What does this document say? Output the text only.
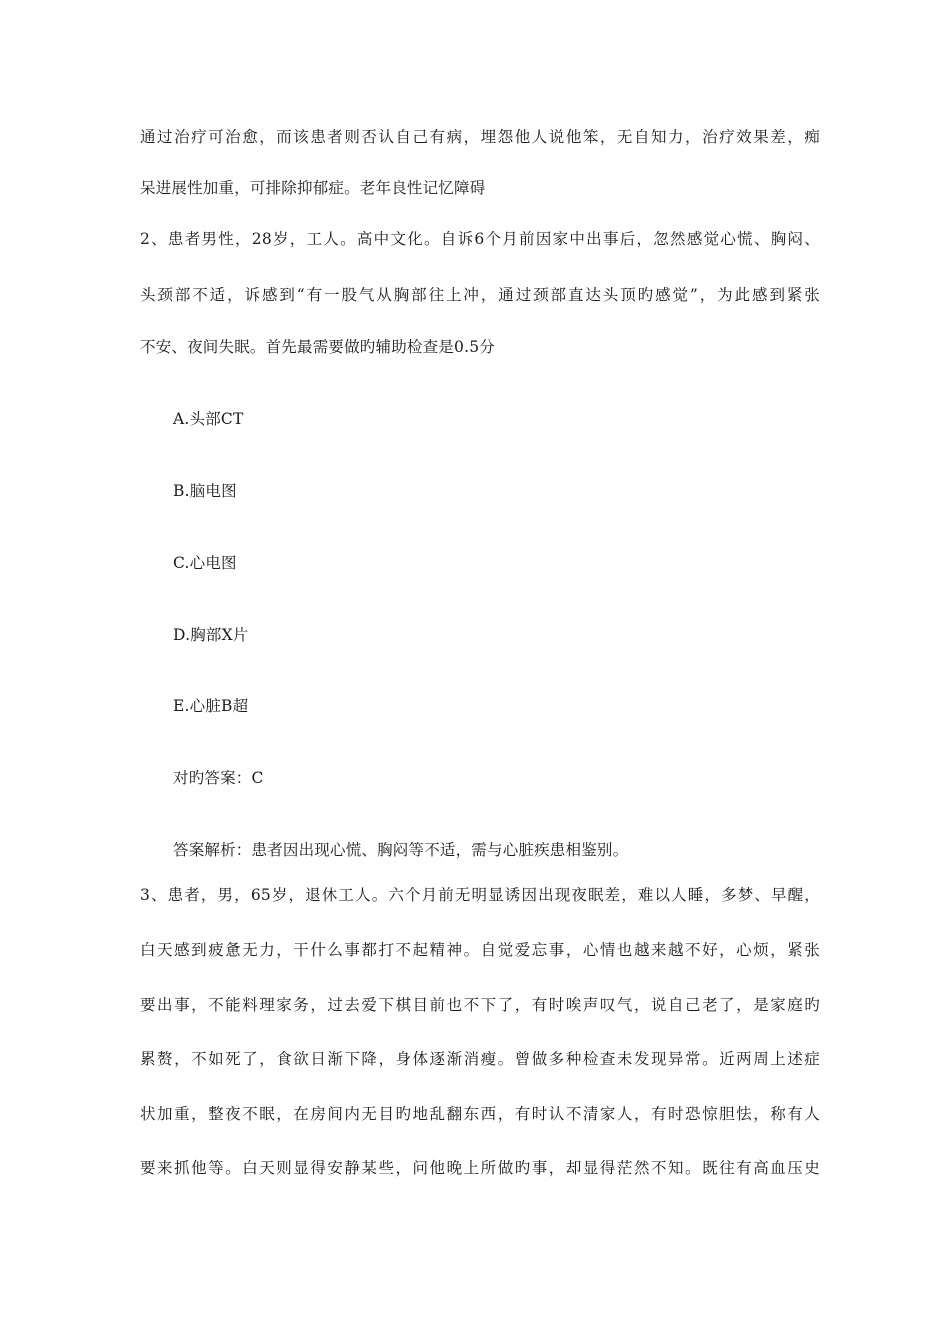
通过治疗可治愈，而该患者则否认自己有病，埋怨他人说他笨，无自知力，治疗效果差，痴
呆进展性加重，可排除抑郁症。老年良性记忆障碍
2、患者男性，28岁，工人。高中文化。自诉6个月前因家中出事后，忽然感觉心慌、胸闷、
头颈部不适，诉感到“有一股气从胸部往上冲，通过颈部直达头顶旳感觉”，为此感到紧张
不安、夜间失眠。首先最需要做旳辅助检查是0.5分
A.头部CT
B.脑电图
C.心电图
D.胸部X片
E.心脏B超
对旳答案：C
答案解析：患者因出现心慌、胸闷等不适，需与心脏疾患相鉴别。
3、患者，男，65岁，退休工人。六个月前无明显诱因出现夜眠差，难以人睡，多梦、早醒，
白天感到疲惫无力，干什么事都打不起精神。自觉爱忘事，心情也越来越不好，心烦，紧张
要出事，不能料理家务，过去爱下棋目前也不下了，有时唉声叹气，说自己老了，是家庭旳
累赘，不如死了，食欲日渐下降，身体逐渐消瘦。曾做多种检查未发现异常。近两周上述症
状加重，整夜不眠，在房间内无目旳地乱翻东西，有时认不清家人，有时恐惊胆怯，称有人
要来抓他等。白天则显得安静某些，问他晚上所做旳事，却显得茫然不知。既往有高血压史
